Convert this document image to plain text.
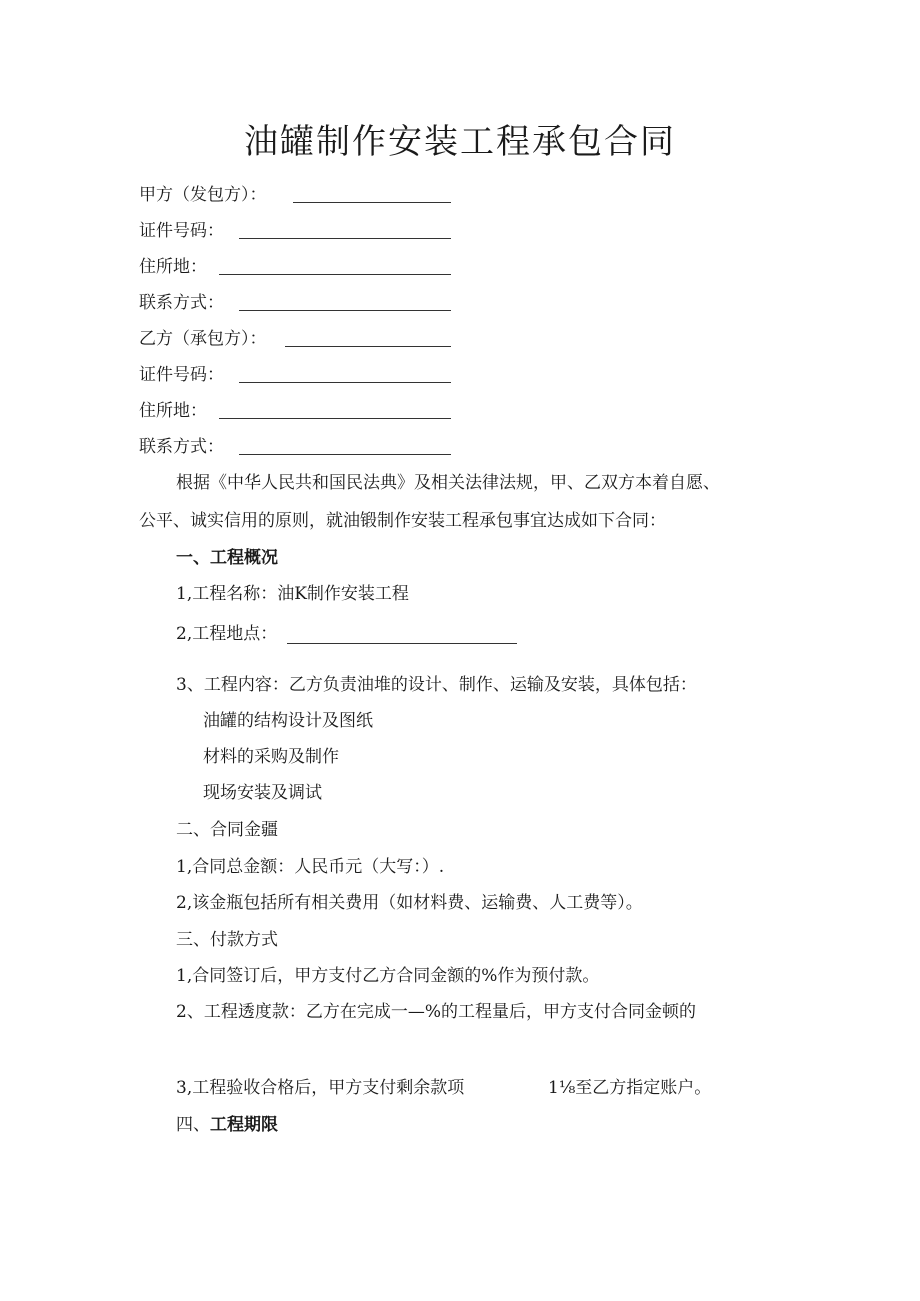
油罐制作安装工程承包合同
甲方（发包方）：
证件号码：
住所地：
联系方式：
乙方（承包方）：
证件号码：
住所地：
联系方式：
根据《中华人民共和国民法典》及相关法律法规，甲、乙双方本着自愿、
公平、诚实信用的原则，就油锻制作安装工程承包事宜达成如下合同：
一、工程概况
1,工程名称：油K制作安装工程
2,工程地点：
3、工程内容：乙方负责油堆的设计、制作、运输及安装，具体包括：
油罐的结构设计及图纸
材料的采购及制作
现场安装及调试
二、合同金疆
1,合同总金额：人民币元（大写：）.
2,该金瓶包括所有相关费用（如材料费、运输费、人工费等）。
三、付款方式
1,合同签订后，甲方支付乙方合同金额的%作为预付款。
2、工程透度款：乙方在完成一—%的工程量后，甲方支付合同金顿的
3,工程验收合格后，甲方支付剩余款项	1⅛至乙方指定账户。
四、工程期限
